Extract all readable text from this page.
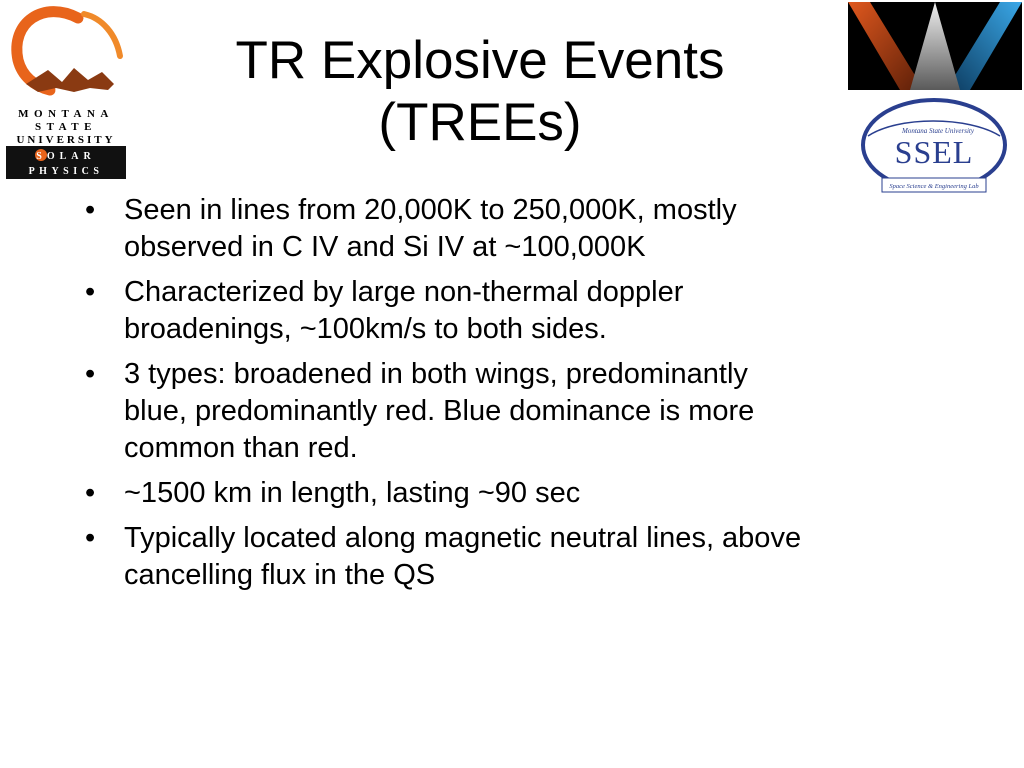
MONTANA
STATE
UNIVERSITY
SOLAR
PHYSICS
Montana State University
SSEL
Space Science & Engineering Lab
TR Explosive Events
(TREEs)
• Seen in lines from 20,000K to 250,000K, mostly
observed in C IV and Si IV at ~100,000K
• Characterized by large non-thermal doppler
broadenings, ~100km/s to both sides.
• 3 types: broadened in both wings, predominantly
blue, predominantly red. Blue dominance is more
common than red.
• ~1500 km in length, lasting ~90 sec
• Typically located along magnetic neutral lines, above
cancelling flux in the QS
